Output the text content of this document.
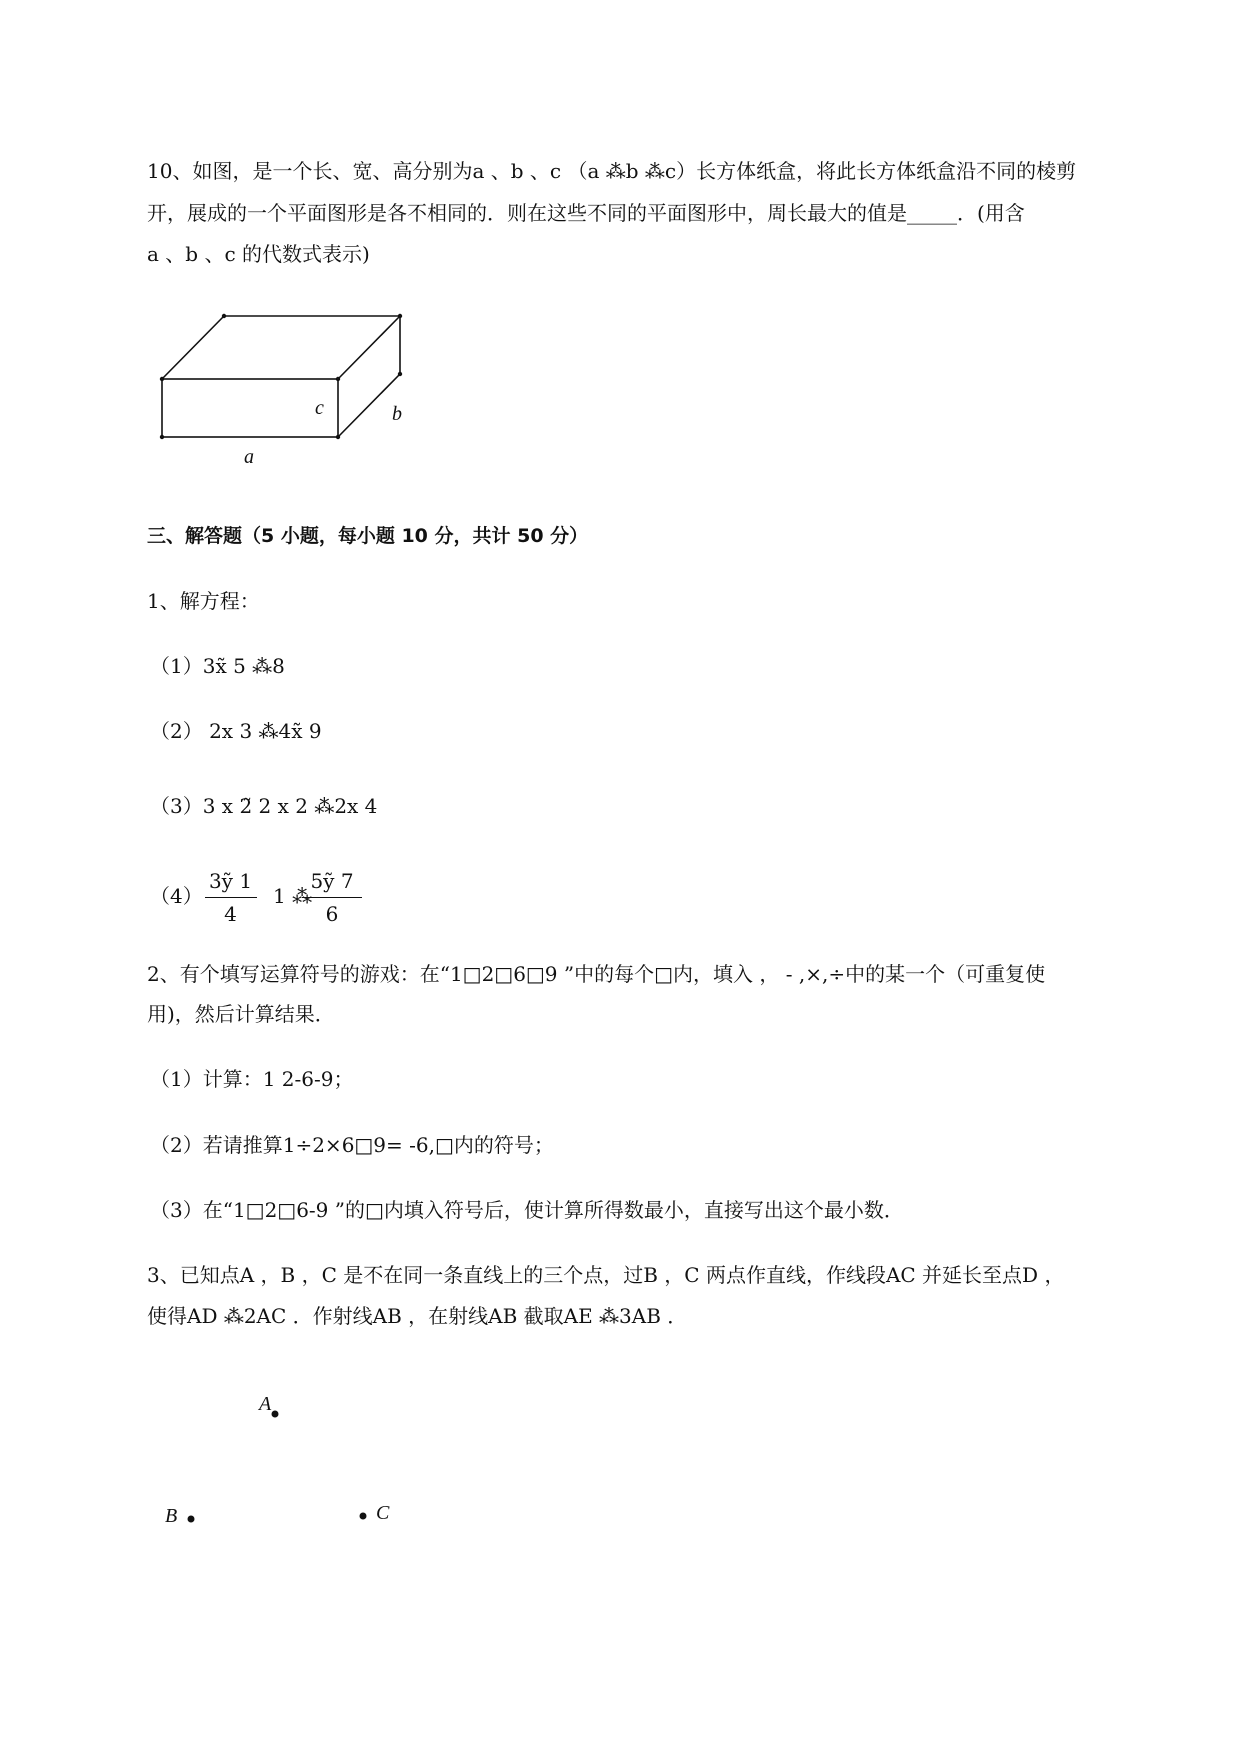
10、如图，是一个长、宽、高分别为a 、b 、c （a ⁂b ⁂c）长方体纸盒，将此长方体纸盒沿不同的棱剪
开，展成的一个平面图形是各不相同的．则在这些不同的平面图形中，周长最大的值是_____．(用含
a 、b 、c 的代数式表示)
c	b
a
三、解答题（5 小题，每小题 10 分，共计 50 分）
1、解方程：
（1）3x̃ 5 ⁂8
（2） 2x 3 ⁂4x̃ 9
（3）3 x 2̃ 2 x 2 ⁂2x 4
（4）
3ỹ 1
4
1 ⁂
5ỹ 7
6
2、有个填写运算符号的游戏：在“1□2□6□9 ”中的每个□内，填入 ， - ,×,÷中的某一个（可重复使
用)，然后计算结果．
（1）计算：1 2-6-9；
（2）若请推算1÷2×6□9= -6,□内的符号；
（3）在“1□2□6-9 ”的□内填入符号后，使计算所得数最小，直接写出这个最小数．
3、已知点A ，B ，C 是不在同一条直线上的三个点，过B ，C 两点作直线，作线段AC 并延长至点D ，
使得AD ⁂2AC ．作射线AB ，在射线AB 截取AE ⁂3AB ．
A
B	C
